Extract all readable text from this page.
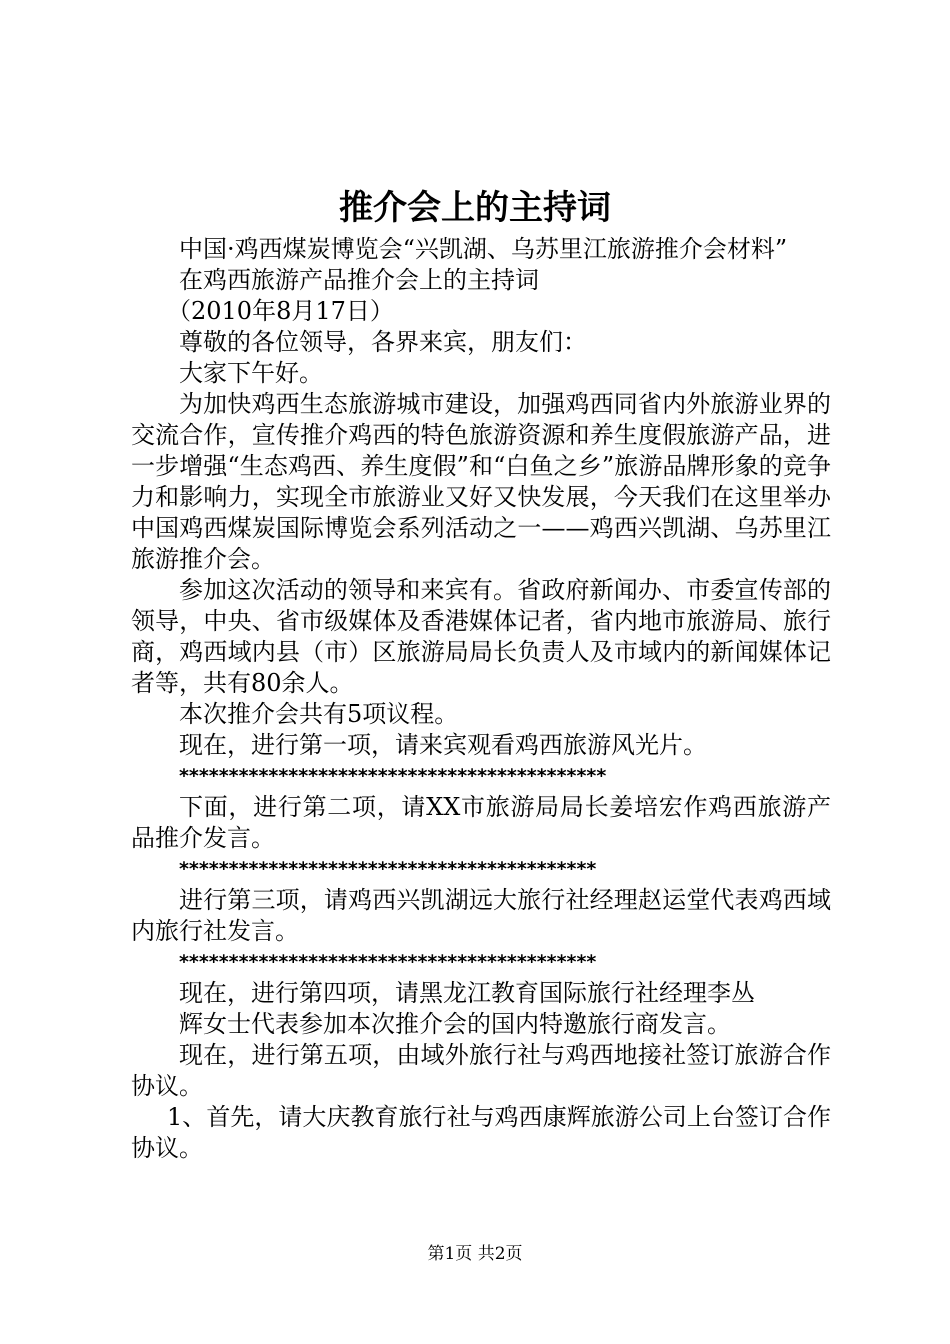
推介会上的主持词

中国·鸡西煤炭博览会“兴凯湖、乌苏里江旅游推介会材料”

在鸡西旅游产品推介会上的主持词

（2010年8月17日）

尊敬的各位领导，各界来宾，朋友们：

大家下午好。

为加快鸡西生态旅游城市建设，加强鸡西同省内外旅游业界的交流合作，宣传推介鸡西的特色旅游资源和养生度假旅游产品，进一步增强“生态鸡西、养生度假”和“白鱼之乡”旅游品牌形象的竞争力和影响力，实现全市旅游业又好又快发展，今天我们在这里举办中国鸡西煤炭国际博览会系列活动之一——鸡西兴凯湖、乌苏里江旅游推介会。

参加这次活动的领导和来宾有。省政府新闻办、市委宣传部的领导，中央、省市级媒体及香港媒体记者，省内地市旅游局、旅行商，鸡西域内县（市）区旅游局局长负责人及市域内的新闻媒体记者等，共有80余人。

本次推介会共有5项议程。

现在，进行第一项，请来宾观看鸡西旅游风光片。

*******************************************

下面，进行第二项，请XX市旅游局局长姜培宏作鸡西旅游产品推介发言。

******************************************

进行第三项，请鸡西兴凯湖远大旅行社经理赵运堂代表鸡西域内旅行社发言。

******************************************

现在，进行第四项，请黑龙江教育国际旅行社经理李丛

辉女士代表参加本次推介会的国内特邀旅行商发言。

现在，进行第五项，由域外旅行社与鸡西地接社签订旅游合作协议。

1、首先，请大庆教育旅行社与鸡西康辉旅游公司上台签订合作协议。

第1页 共2页
